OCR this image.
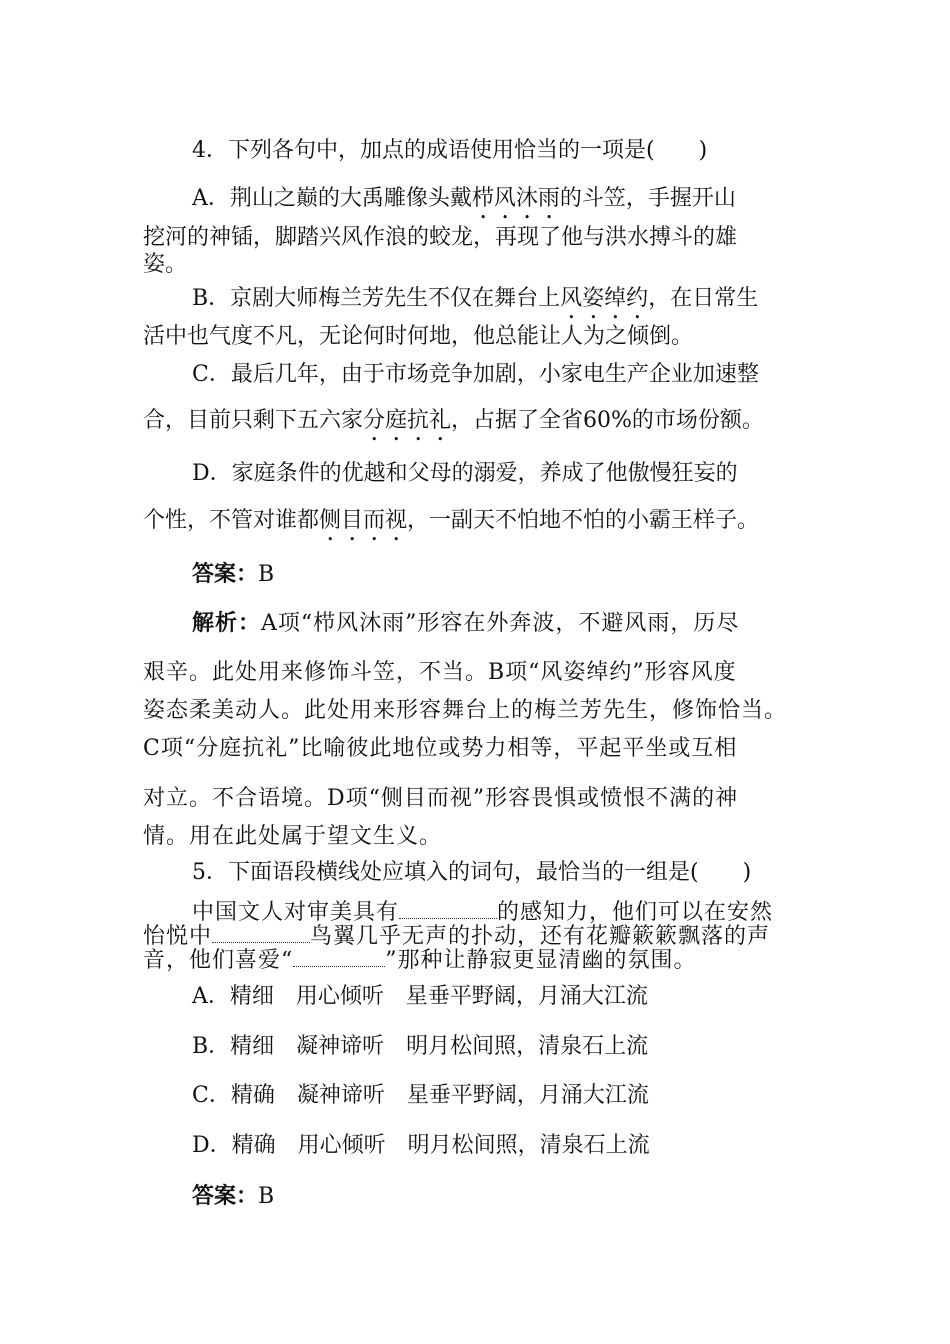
4．下列各句中，加点的成语使用恰当的一项是(　　)
A．荆山之巅的大禹雕像头戴栉风沐雨的斗笠，手握开山
挖河的神锸，脚踏兴风作浪的蛟龙，再现了他与洪水搏斗的雄
姿。
B．京剧大师梅兰芳先生不仅在舞台上风姿绰约，在日常生
活中也气度不凡，无论何时何地，他总能让人为之倾倒。
C．最后几年，由于市场竞争加剧，小家电生产企业加速整
合，目前只剩下五六家分庭抗礼，占据了全省60%的市场份额。
D．家庭条件的优越和父母的溺爱，养成了他傲慢狂妄的
个性，不管对谁都侧目而视，一副天不怕地不怕的小霸王样子。
答案：B
解析：A项“栉风沐雨”形容在外奔波，不避风雨，历尽
艰辛。此处用来修饰斗笠，不当。B项“风姿绰约”形容风度
姿态柔美动人。此处用来形容舞台上的梅兰芳先生，修饰恰当。
C项“分庭抗礼”比喻彼此地位或势力相等，平起平坐或互相
对立。不合语境。D项“侧目而视”形容畏惧或愤恨不满的神
情。用在此处属于望文生义。
5．下面语段横线处应填入的词句，最恰当的一组是(　　)
中国文人对审美具有	的感知力，他们可以在安然
怡悦中	鸟翼几乎无声的扑动，还有花瓣簌簌飘落的声
音，他们喜爱“	”那种让静寂更显清幽的氛围。
A．精细　用心倾听　星垂平野阔，月涌大江流
B．精细　凝神谛听　明月松间照，清泉石上流
C．精确　凝神谛听　星垂平野阔，月涌大江流
D．精确　用心倾听　明月松间照，清泉石上流
答案：B
